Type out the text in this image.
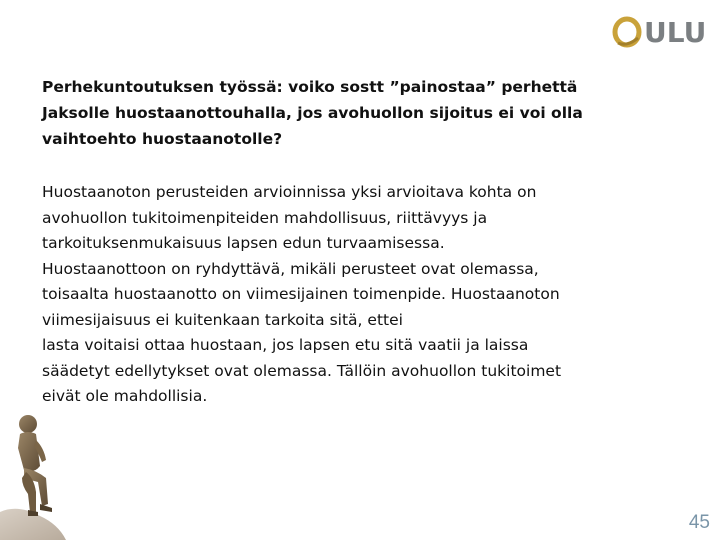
ULU
Perhekuntoutuksen työssä: voiko sostt ”painostaa” perhettä
Jaksolle huostaanottouhalla, jos avohuollon sijoitus ei voi olla
vaihtoehto huostaanotolle?
Huostaanoton perusteiden arvioinnissa yksi arvioitava kohta on
avohuollon tukitoimenpiteiden mahdollisuus, riittävyys ja
tarkoituksenmukaisuus lapsen edun turvaamisessa.
Huostaanottoon on ryhdyttävä, mikäli perusteet ovat olemassa,
toisaalta huostaanotto on viimesijainen toimenpide. Huostaanoton
viimesijaisuus ei kuitenkaan tarkoita sitä, ettei
lasta voitaisi ottaa huostaan, jos lapsen etu sitä vaatii ja laissa
säädetyt edellytykset ovat olemassa. Tällöin avohuollon tukitoimet
eivät ole mahdollisia.
45
